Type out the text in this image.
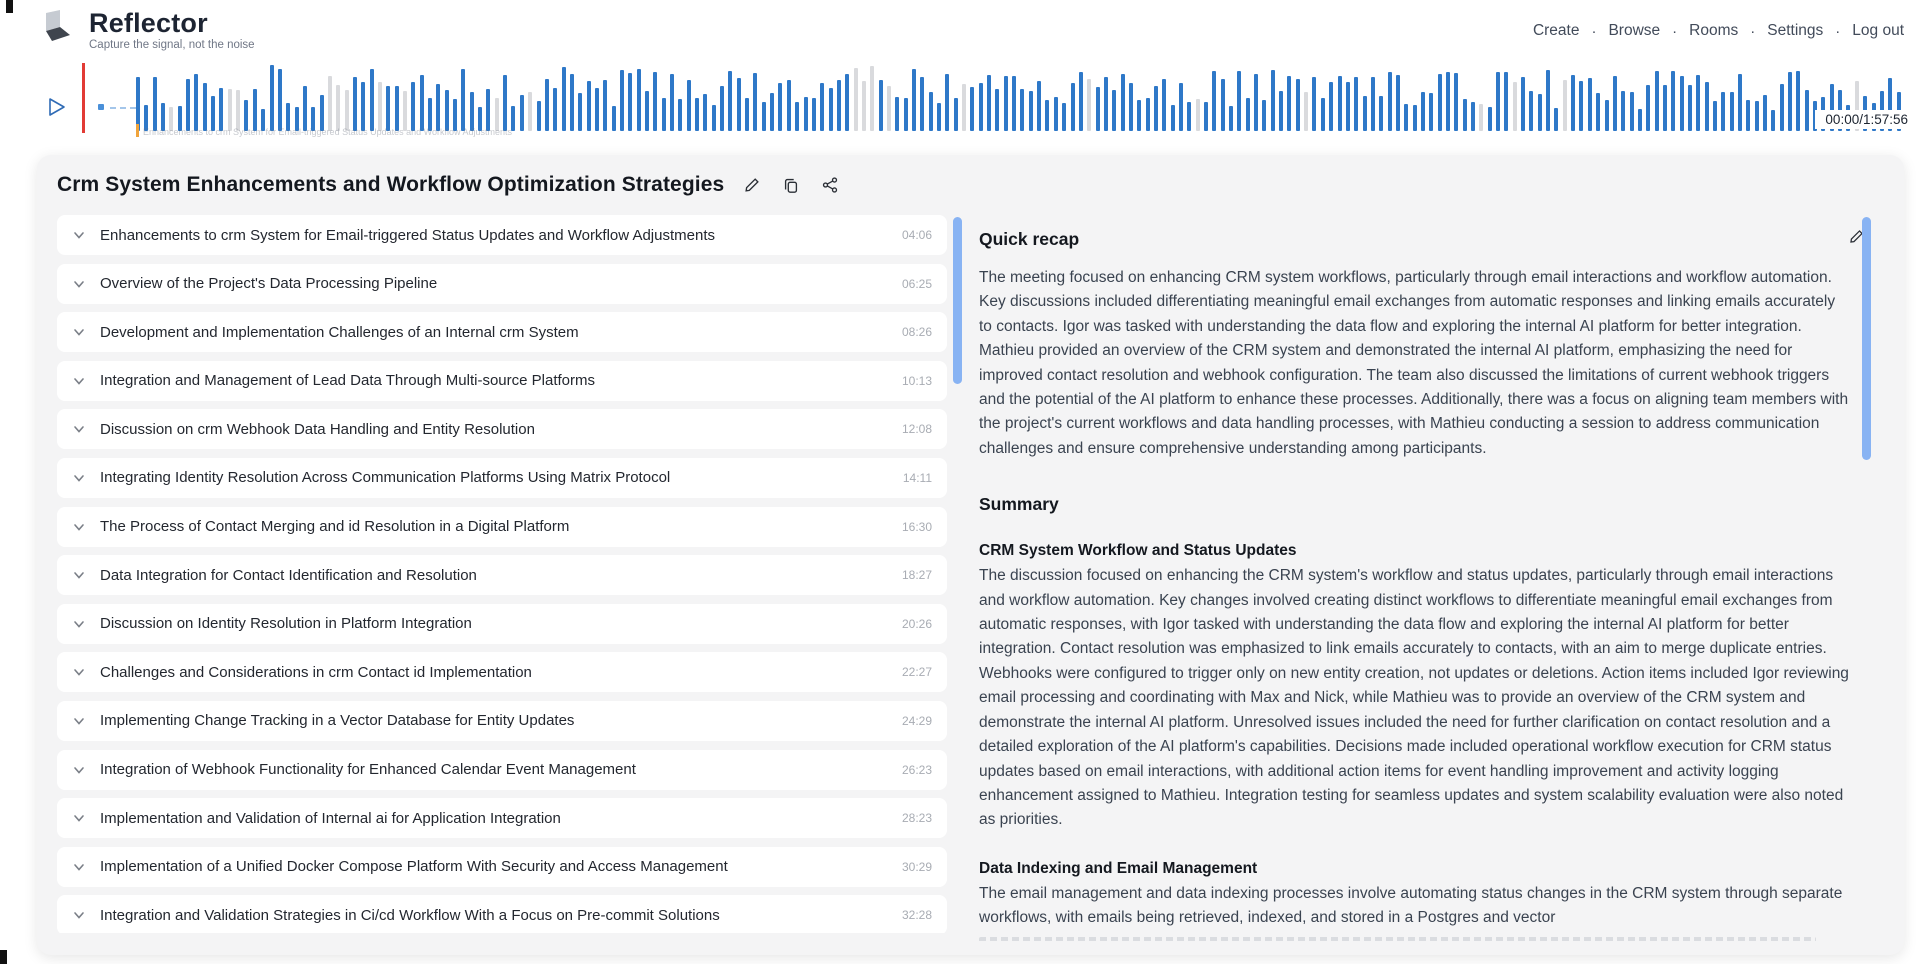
Reflector
Capture the signal, not the noise
Create · Browse · Rooms · Settings · Log out
Enhancements to crm System for Email-triggered Status Updates and Workflow Adjustments
00:00/1:57:56
Crm System Enhancements and Workflow Optimization Strategies
Enhancements to crm System for Email-triggered Status Updates and Workflow Adjustments	04:06
Overview of the Project's Data Processing Pipeline	06:25
Development and Implementation Challenges of an Internal crm System	08:26
Integration and Management of Lead Data Through Multi-source Platforms	10:13
Discussion on crm Webhook Data Handling and Entity Resolution	12:08
Integrating Identity Resolution Across Communication Platforms Using Matrix Protocol	14:11
The Process of Contact Merging and id Resolution in a Digital Platform	16:30
Data Integration for Contact Identification and Resolution	18:27
Discussion on Identity Resolution in Platform Integration	20:26
Challenges and Considerations in crm Contact id Implementation	22:27
Implementing Change Tracking in a Vector Database for Entity Updates	24:29
Integration of Webhook Functionality for Enhanced Calendar Event Management	26:23
Implementation and Validation of Internal ai for Application Integration	28:23
Implementation of a Unified Docker Compose Platform With Security and Access Management	30:29
Integration and Validation Strategies in Ci/cd Workflow With a Focus on Pre-commit Solutions	32:28
Quick recap

The meeting focused on enhancing CRM system workflows, particularly through email interactions and workflow automation. Key discussions included differentiating meaningful email exchanges from automatic responses and linking emails accurately to contacts. Igor was tasked with understanding the data flow and exploring the internal AI platform for better integration. Mathieu provided an overview of the CRM system and demonstrated the internal AI platform, emphasizing the need for improved contact resolution and webhook configuration. The team also discussed the limitations of current webhook triggers and the potential of the AI platform to enhance these processes. Additionally, there was a focus on aligning team members with the project's current workflows and data handling processes, with Mathieu conducting a session to address communication challenges and ensure comprehensive understanding among participants.

Summary
CRM System Workflow and Status Updates

The discussion focused on enhancing the CRM system's workflow and status updates, particularly through email interactions and workflow automation. Key changes involved creating distinct workflows to differentiate meaningful email exchanges from automatic responses, with Igor tasked with understanding the data flow and exploring the internal AI platform for better integration. Contact resolution was emphasized to link emails accurately to contacts, with an aim to merge duplicate entries. Webhooks were configured to trigger only on new entity creation, not updates or deletions. Action items included Igor reviewing email processing and coordinating with Max and Nick, while Mathieu was to provide an overview of the CRM system and demonstrate the internal AI platform. Unresolved issues included the need for further clarification on contact resolution and a detailed exploration of the AI platform's capabilities. Decisions made included operational workflow execution for CRM status updates based on email interactions, with additional action items for event handling improvement and activity logging enhancement assigned to Mathieu. Integration testing for seamless updates and system scalability evaluation were also noted as priorities.

Data Indexing and Email Management

The email management and data indexing processes involve automating status changes in the CRM system through separate workflows, with emails being retrieved, indexed, and stored in a Postgres and vector
